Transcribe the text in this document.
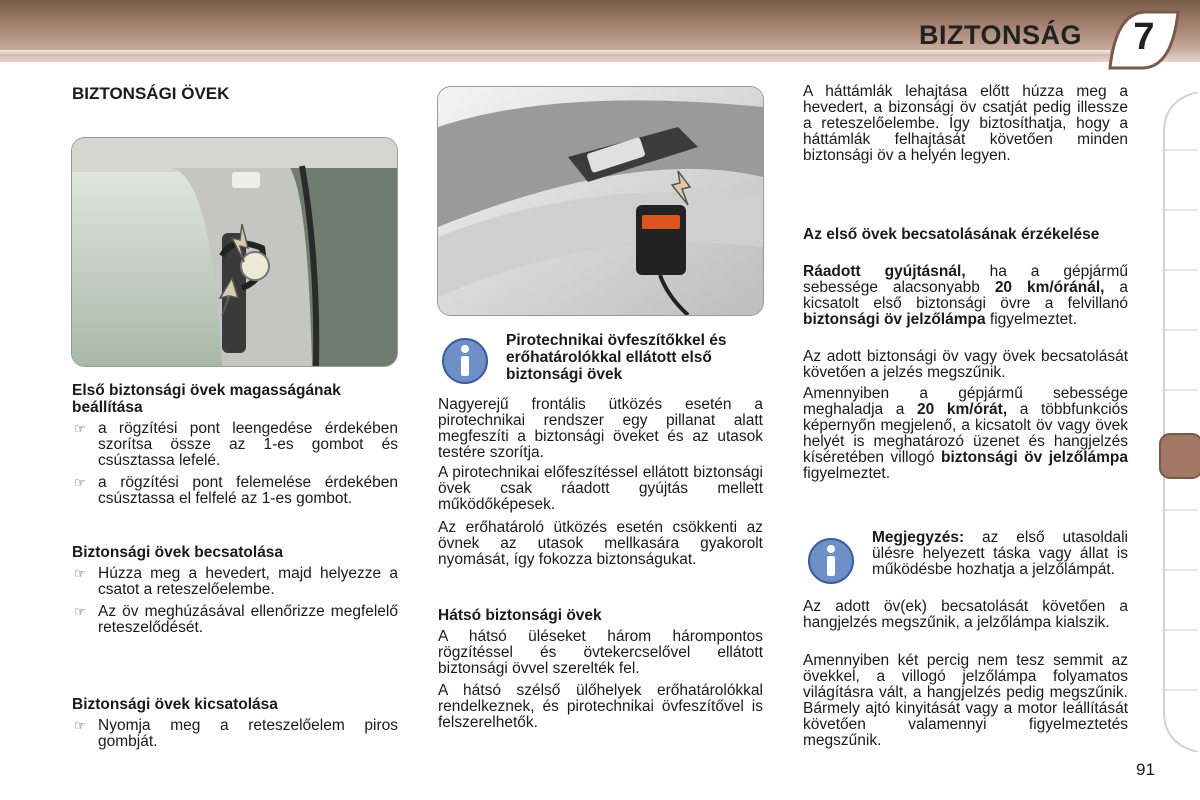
BIZTONSÁG	7
BIZTONSÁGI ÖVEK
Első biztonsági övek magasságának beállítása
☞ a rögzítési pont leengedése érdekében szorítsa össze az 1-es gombot és csúsztassa lefelé.
☞ a rögzítési pont felemelése érdekében csúsztassa el felfelé az 1-es gombot.
Biztonsági övek becsatolása
☞ Húzza meg a hevedert, majd helyezze a csatot a reteszelőelembe.
☞ Az öv meghúzásával ellenőrizze megfelelő reteszelődését.
Biztonsági övek kicsatolása
☞ Nyomja meg a reteszelőelem piros gombját.
Pirotechnikai övfeszítőkkel és erőhatárolókkal ellátott első biztonsági övek
Nagyerejű frontális ütközés esetén a pirotechnikai rendszer egy pillanat alatt megfeszíti a biztonsági öveket és az utasok testére szorítja.
A pirotechnikai előfeszítéssel ellátott biztonsági övek csak ráadott gyújtás mellett működőképesek.
Az erőhatároló ütközés esetén csökkenti az övnek az utasok mellkasára gyakorolt nyomását, így fokozza biztonságukat.
Hátsó biztonsági övek
A hátsó üléseket három hárompontos rögzítéssel és övtekercselővel ellátott biztonsági övvel szerelték fel.
A hátsó szélső ülőhelyek erőhatárolókkal rendelkeznek, és pirotechnikai övfeszítővel is felszerelhetők.
A háttámlák lehajtása előtt húzza meg a hevedert, a bizonsági öv csatját pedig illessze a reteszelőelembe. Így biztosíthatja, hogy a háttámlák felhajtását követően minden biztonsági öv a helyén legyen.
Az első övek becsatolásának érzékelése
Ráadott gyújtásnál, ha a gépjármű sebessége alacsonyabb 20 km/óránál, a kicsatolt első biztonsági övre a felvillanó biztonsági öv jelzőlámpa figyelmeztet.
Az adott biztonsági öv vagy övek becsatolását követően a jelzés megszűnik.
Amennyiben a gépjármű sebessége meghaladja a 20 km/órát, a többfunkciós képernyőn megjelenő, a kicsatolt öv vagy övek helyét is meghatározó üzenet és hangjelzés kíséretében villogó biztonsági öv jelzőlámpa figyelmeztet.
Megjegyzés: az első utasoldali ülésre helyezett táska vagy állat is működésbe hozhatja a jelzőlámpát.
Az adott öv(ek) becsatolását követően a hangjelzés megszűnik, a jelzőlámpa kialszik.
Amennyiben két percig nem tesz semmit az övekkel, a villogó jelzőlámpa folyamatos világításra vált, a hangjelzés pedig megszűnik. Bármely ajtó kinyitását vagy a motor leállítását követően valamennyi figyelmeztetés megszűnik.
91
